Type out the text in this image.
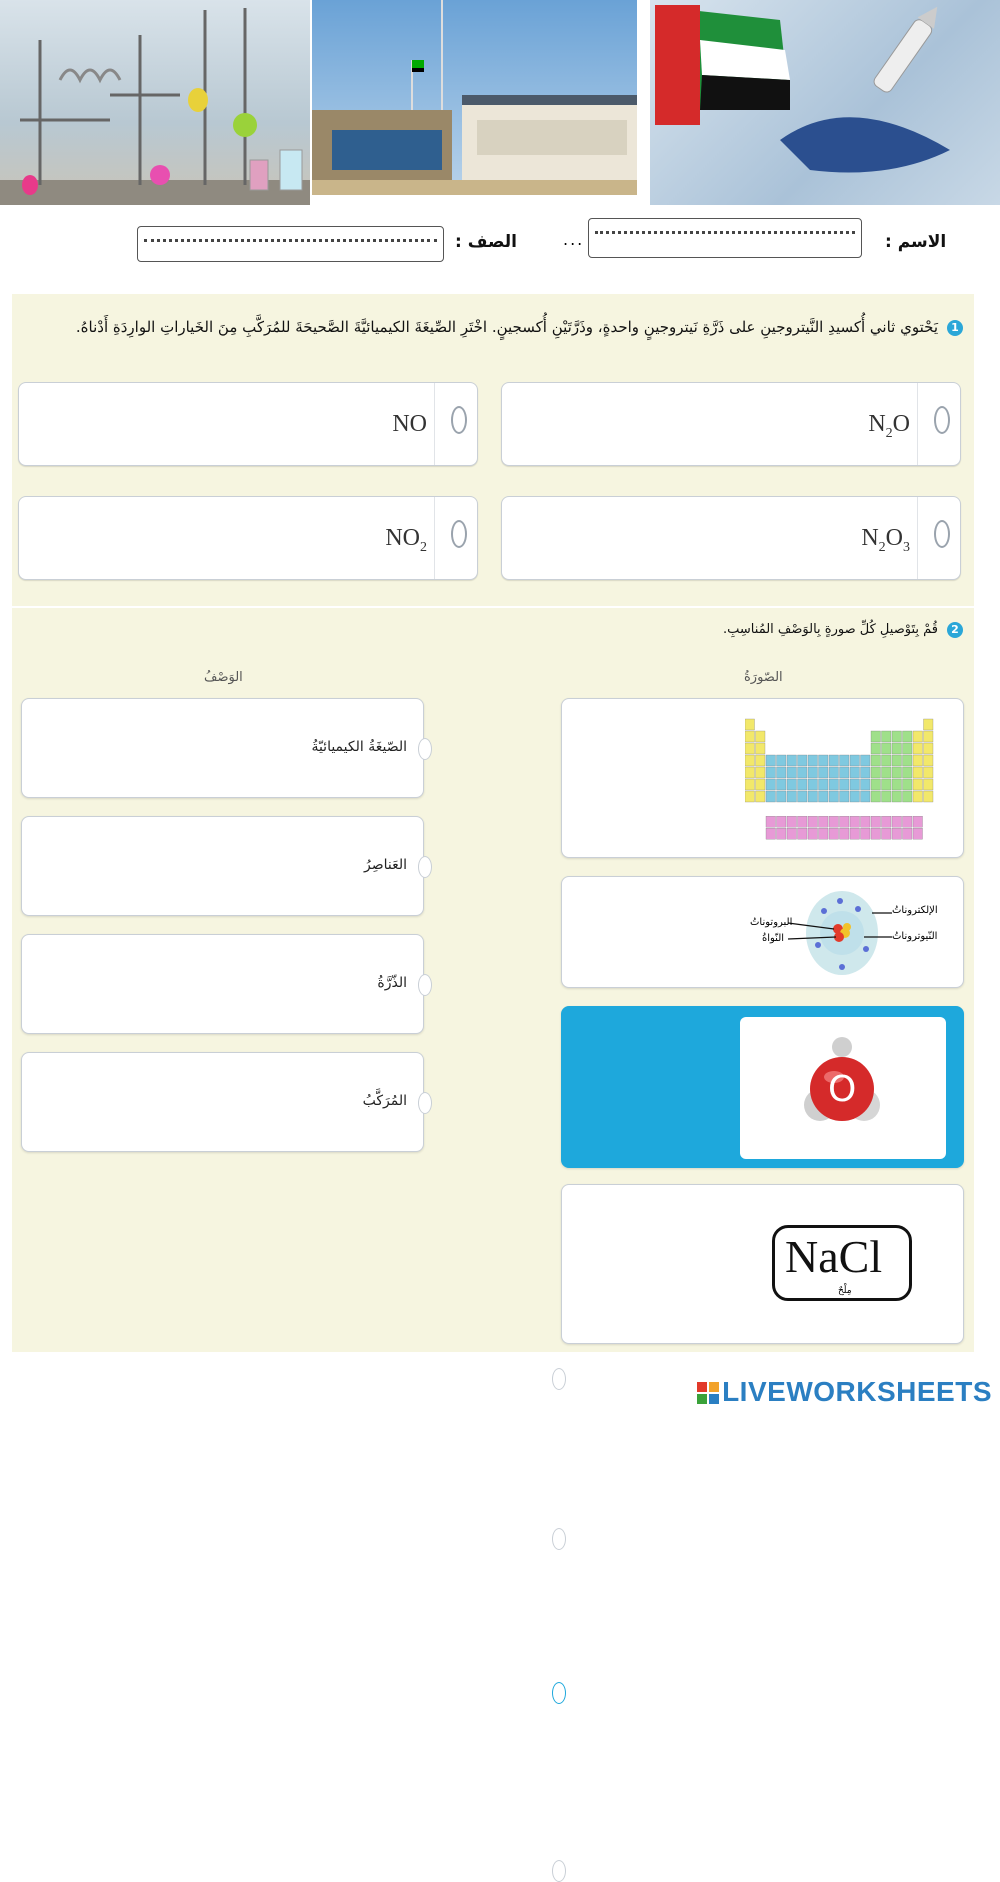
الاسم :
...
الصف :
1
يَحْتوي ثاني أُكسيدِ النَّيتروجينِ على ذَرَّةِ نَيتروجينٍ واحدةٍ، وذَرَّتَيْنِ أُكسجينٍ. اخْتَرِ الصِّيغَةَ الكيميائيَّةَ الصَّحيحَةَ للمُرَكَّبِ مِنَ الخَياراتِ الوارِدَةِ أَدْناهُ.
$N_2O$
NO
$N_2O_3$
$NO_2$
2
قُمْ بِتَوْصيلِ كُلِّ صورةٍ بِالوَصْفِ المُناسِبِ.
الصّورَةُ
الوَصْفُ
الإلكتروناتُ
النّيوتروناتُ
البروتوناتُ
النّواةُ
O
NaCl
مِلْحٌ
الصّيغَةُ الكيميائيّةُ
العَناصِرُ
الذّرَّةُ
المُرَكَّبُ
LIVEWORKSHEETS
